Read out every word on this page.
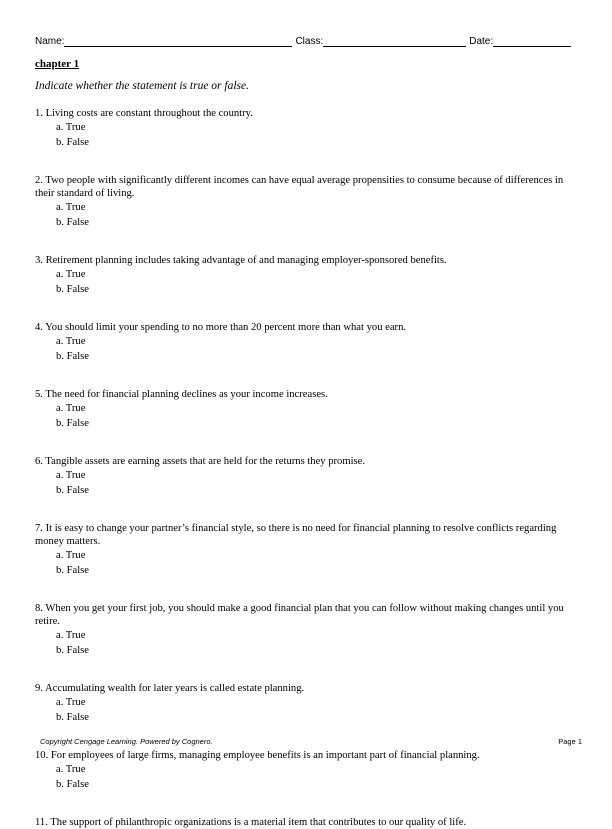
Name:	Class:	Date:
chapter 1
Indicate whether the statement is true or false.

1. Living costs are constant throughout the country.

a. True
b. False

2. Two people with significantly different incomes can have equal average propensities to consume because of differences in their standard of living.

a. True
b. False

3. Retirement planning includes taking advantage of and managing employer-sponsored benefits.

a. True
b. False

4. You should limit your spending to no more than 20 percent more than what you earn.

a. True
b. False

5. The need for financial planning declines as your income increases.

a. True
b. False

6. Tangible assets are earning assets that are held for the returns they promise.

a. True
b. False

7. It is easy to change your partner’s financial style, so there is no need for financial planning to resolve conflicts regarding money matters.

a. True
b. False

8. When you get your first job, you should make a good financial plan that you can follow without making changes until you retire.

a. True
b. False

9. Accumulating wealth for later years is called estate planning.

a. True
b. False

10. For employees of large firms, managing employee benefits is an important part of financial planning.

a. True
b. False

11. The support of philanthropic organizations is a material item that contributes to our quality of life.

Copyright Cengage Learning. Powered by Cognero.	Page 1
